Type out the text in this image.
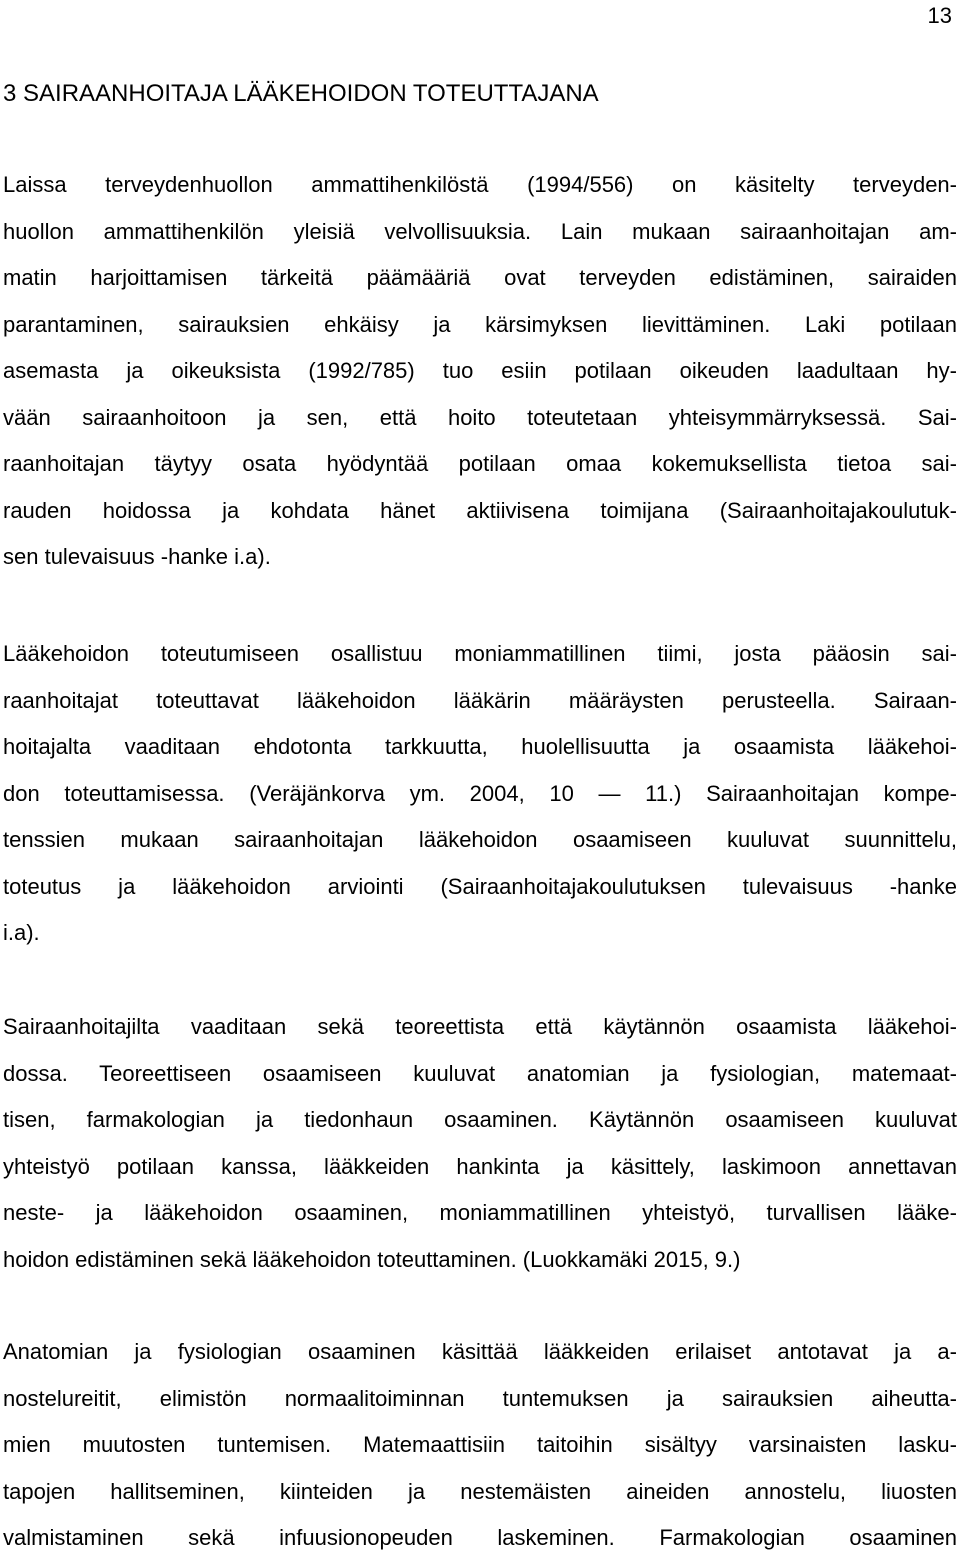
13
3 SAIRAANHOITAJA LÄÄKEHOIDON TOTEUTTAJANA

Laissa terveydenhuollon ammattihenkilöstä (1994/556) on käsitelty terveyden-
huollon ammattihenkilön yleisiä velvollisuuksia. Lain mukaan sairaanhoitajan am-
matin harjoittamisen tärkeitä päämääriä ovat terveyden edistäminen, sairaiden
parantaminen, sairauksien ehkäisy ja kärsimyksen lievittäminen. Laki potilaan
asemasta ja oikeuksista (1992/785) tuo esiin potilaan oikeuden laadultaan hy-
vään sairaanhoitoon ja sen, että hoito toteutetaan yhteisymmärryksessä. Sai-
raanhoitajan täytyy osata hyödyntää potilaan omaa kokemuksellista tietoa sai-
rauden hoidossa ja kohdata hänet aktiivisena toimijana (Sairaanhoitajakoulutuk-
sen tulevaisuus -hanke i.a).

Lääkehoidon toteutumiseen osallistuu moniammatillinen tiimi, josta pääosin sai-
raanhoitajat toteuttavat lääkehoidon lääkärin määräysten perusteella. Sairaan-
hoitajalta vaaditaan ehdotonta tarkkuutta, huolellisuutta ja osaamista lääkehoi-
don toteuttamisessa. (Veräjänkorva ym. 2004, 10 — 11.) Sairaanhoitajan kompe-
tenssien mukaan sairaanhoitajan lääkehoidon osaamiseen kuuluvat suunnittelu,
toteutus ja lääkehoidon arviointi (Sairaanhoitajakoulutuksen tulevaisuus -hanke
i.a).

Sairaanhoitajilta vaaditaan sekä teoreettista että käytännön osaamista lääkehoi-
dossa. Teoreettiseen osaamiseen kuuluvat anatomian ja fysiologian, matemaat-
tisen, farmakologian ja tiedonhaun osaaminen. Käytännön osaamiseen kuuluvat
yhteistyö potilaan kanssa, lääkkeiden hankinta ja käsittely, laskimoon annettavan
neste- ja lääkehoidon osaaminen, moniammatillinen yhteistyö, turvallisen lääke-
hoidon edistäminen sekä lääkehoidon toteuttaminen. (Luokkamäki 2015, 9.)

Anatomian ja fysiologian osaaminen käsittää lääkkeiden erilaiset antotavat ja a-
nostelureitit, elimistön normaalitoiminnan tuntemuksen ja sairauksien aiheutta-
mien muutosten tuntemisen. Matemaattisiin taitoihin sisältyy varsinaisten lasku-
tapojen hallitseminen, kiinteiden ja nestemäisten aineiden annostelu, liuosten
valmistaminen sekä infuusionopeuden laskeminen. Farmakologian osaaminen
